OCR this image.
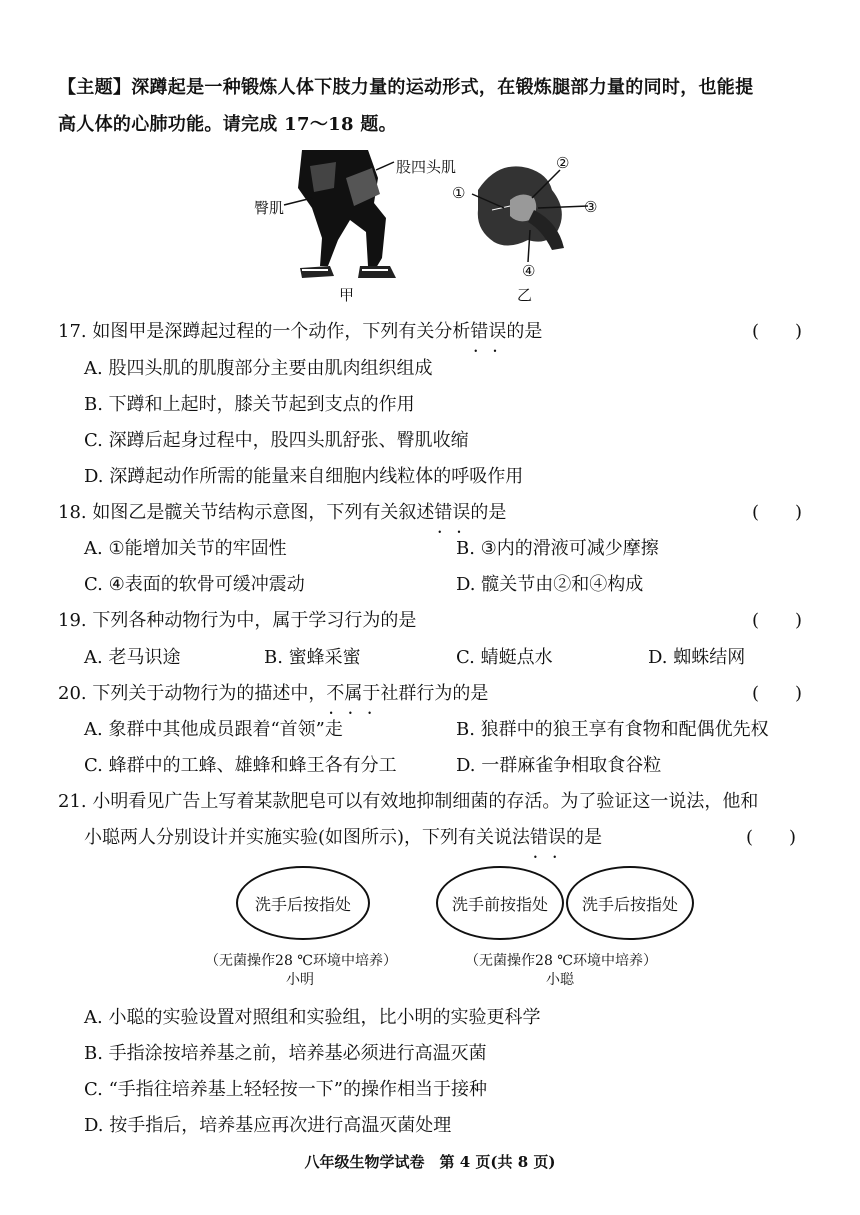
【主题】深蹲起是一种锻炼人体下肢力量的运动形式，在锻炼腿部力量的同时，也能提
高人体的心肺功能。请完成 17～18 题。
股四头肌
臀肌
甲
①
②
③
④
乙
17. 如图甲是深蹲起过程的一个动作，下列有关分析错误 • •的是	(　　)
A. 股四头肌的肌腹部分主要由肌肉组织组成
B. 下蹲和上起时，膝关节起到支点的作用
C. 深蹲后起身过程中，股四头肌舒张、臀肌收缩
D. 深蹲起动作所需的能量来自细胞内线粒体的呼吸作用
18. 如图乙是髋关节结构示意图，下列有关叙述错误 • •的是	(　　)
A. ①能增加关节的牢固性	B. ③内的滑液可减少摩擦
C. ④表面的软骨可缓冲震动	D. 髋关节由②和④构成
19. 下列各种动物行为中，属于学习行为的是	(　　)
A. 老马识途	B. 蜜蜂采蜜	C. 蜻蜓点水	D. 蜘蛛结网
20. 下列关于动物行为的描述中，不属于 • • •社群行为的是	(　　)
A. 象群中其他成员跟着“首领”走	B. 狼群中的狼王享有食物和配偶优先权
C. 蜂群中的工蜂、雄蜂和蜂王各有分工	D. 一群麻雀争相取食谷粒
21. 小明看见广告上写着某款肥皂可以有效地抑制细菌的存活。为了验证这一说法，他和
小聪两人分别设计并实施实验(如图所示)，下列有关说法错误 • •的是	(　　)
洗手后按指处	洗手前按指处	洗手后按指处
（无菌操作28 ℃环境中培养）	（无菌操作28 ℃环境中培养）
小明	小聪
A. 小聪的实验设置对照组和实验组，比小明的实验更科学
B. 手指涂按培养基之前，培养基必须进行高温灭菌
C. “手指往培养基上轻轻按一下”的操作相当于接种
D. 按手指后，培养基应再次进行高温灭菌处理
八年级生物学试卷　第 4 页(共 8 页)
